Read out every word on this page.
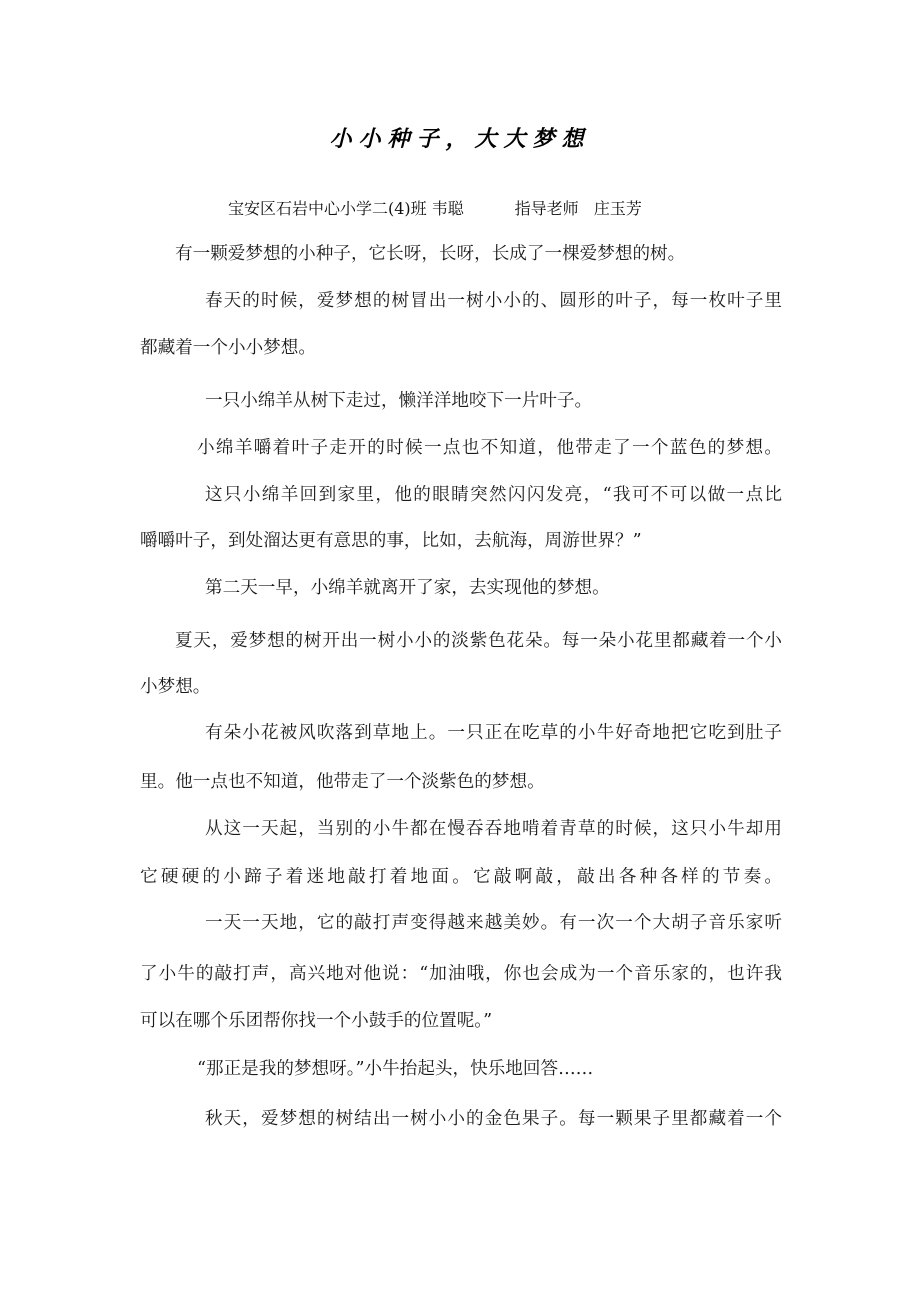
小小种子，大大梦想
宝安区石岩中心小学二(4)班 韦聪	指导老师 庄玉芳
有一颗爱梦想的小种子，它长呀，长呀，长成了一棵爱梦想的树。
春天的时候，爱梦想的树冒出一树小小的、圆形的叶子，每一枚叶子里
都藏着一个小小梦想。
一只小绵羊从树下走过，懒洋洋地咬下一片叶子。
小绵羊嚼着叶子走开的时候一点也不知道，他带走了一个蓝色的梦想。
这只小绵羊回到家里，他的眼睛突然闪闪发亮，“我可不可以做一点比
嚼嚼叶子，到处溜达更有意思的事，比如，去航海，周游世界？”
第二天一早，小绵羊就离开了家，去实现他的梦想。
夏天，爱梦想的树开出一树小小的淡紫色花朵。每一朵小花里都藏着一个小
小梦想。
有朵小花被风吹落到草地上。一只正在吃草的小牛好奇地把它吃到肚子
里。他一点也不知道，他带走了一个淡紫色的梦想。
从这一天起，当别的小牛都在慢吞吞地啃着青草的时候，这只小牛却用
它硬硬的小蹄子着迷地敲打着地面。它敲啊敲，敲出各种各样的节奏。
一天一天地，它的敲打声变得越来越美妙。有一次一个大胡子音乐家听
了小牛的敲打声，高兴地对他说：“加油哦，你也会成为一个音乐家的，也许我
可以在哪个乐团帮你找一个小鼓手的位置呢。”
“那正是我的梦想呀。”小牛抬起头，快乐地回答……
秋天，爱梦想的树结出一树小小的金色果子。每一颗果子里都藏着一个
